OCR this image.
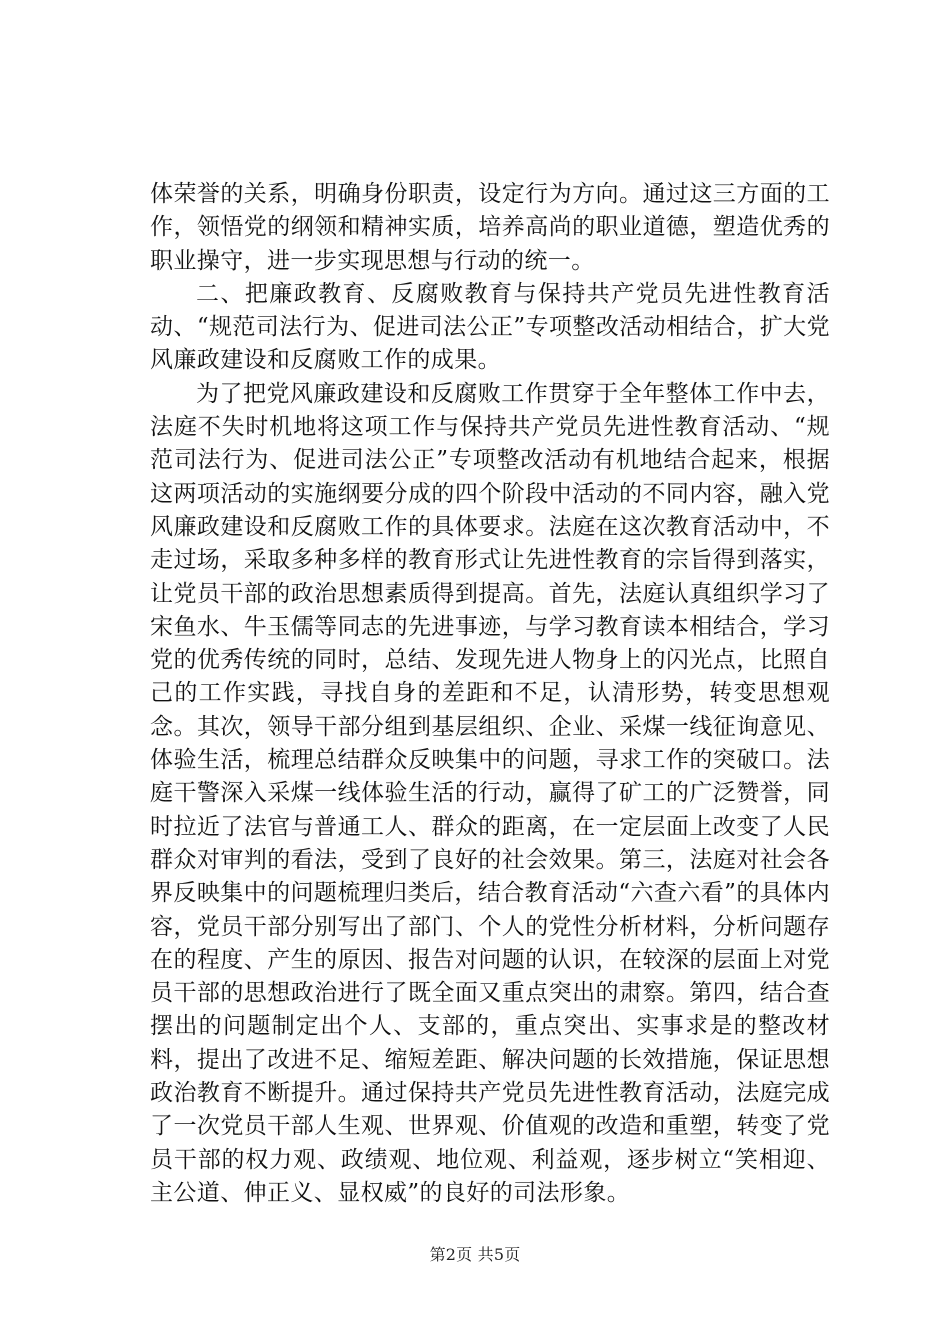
体荣誉的关系，明确身份职责，设定行为方向。通过这三方面的工作，领悟党的纲领和精神实质，培养高尚的职业道德，塑造优秀的职业操守，进一步实现思想与行动的统一。

二、把廉政教育、反腐败教育与保持共产党员先进性教育活动、“规范司法行为、促进司法公正”专项整改活动相结合，扩大党风廉政建设和反腐败工作的成果。

为了把党风廉政建设和反腐败工作贯穿于全年整体工作中去，法庭不失时机地将这项工作与保持共产党员先进性教育活动、“规范司法行为、促进司法公正”专项整改活动有机地结合起来，根据这两项活动的实施纲要分成的四个阶段中活动的不同内容，融入党风廉政建设和反腐败工作的具体要求。法庭在这次教育活动中，不走过场，采取多种多样的教育形式让先进性教育的宗旨得到落实，让党员干部的政治思想素质得到提高。首先，法庭认真组织学习了宋鱼水、牛玉儒等同志的先进事迹，与学习教育读本相结合，学习党的优秀传统的同时，总结、发现先进人物身上的闪光点，比照自己的工作实践，寻找自身的差距和不足，认清形势，转变思想观念。其次，领导干部分组到基层组织、企业、采煤一线征询意见、体验生活，梳理总结群众反映集中的问题，寻求工作的突破口。法庭干警深入采煤一线体验生活的行动，赢得了矿工的广泛赞誉，同时拉近了法官与普通工人、群众的距离，在一定层面上改变了人民群众对审判的看法，受到了良好的社会效果。第三，法庭对社会各界反映集中的问题梳理归类后，结合教育活动“六查六看”的具体内容，党员干部分别写出了部门、个人的党性分析材料，分析问题存在的程度、产生的原因、报告对问题的认识，在较深的层面上对党员干部的思想政治进行了既全面又重点突出的肃察。第四，结合查摆出的问题制定出个人、支部的，重点突出、实事求是的整改材料，提出了改进不足、缩短差距、解决问题的长效措施，保证思想政治教育不断提升。通过保持共产党员先进性教育活动，法庭完成了一次党员干部人生观、世界观、价值观的改造和重塑，转变了党员干部的权力观、政绩观、地位观、利益观，逐步树立“笑相迎、主公道、伸正义、显权威”的良好的司法形象。

第2页 共5页
